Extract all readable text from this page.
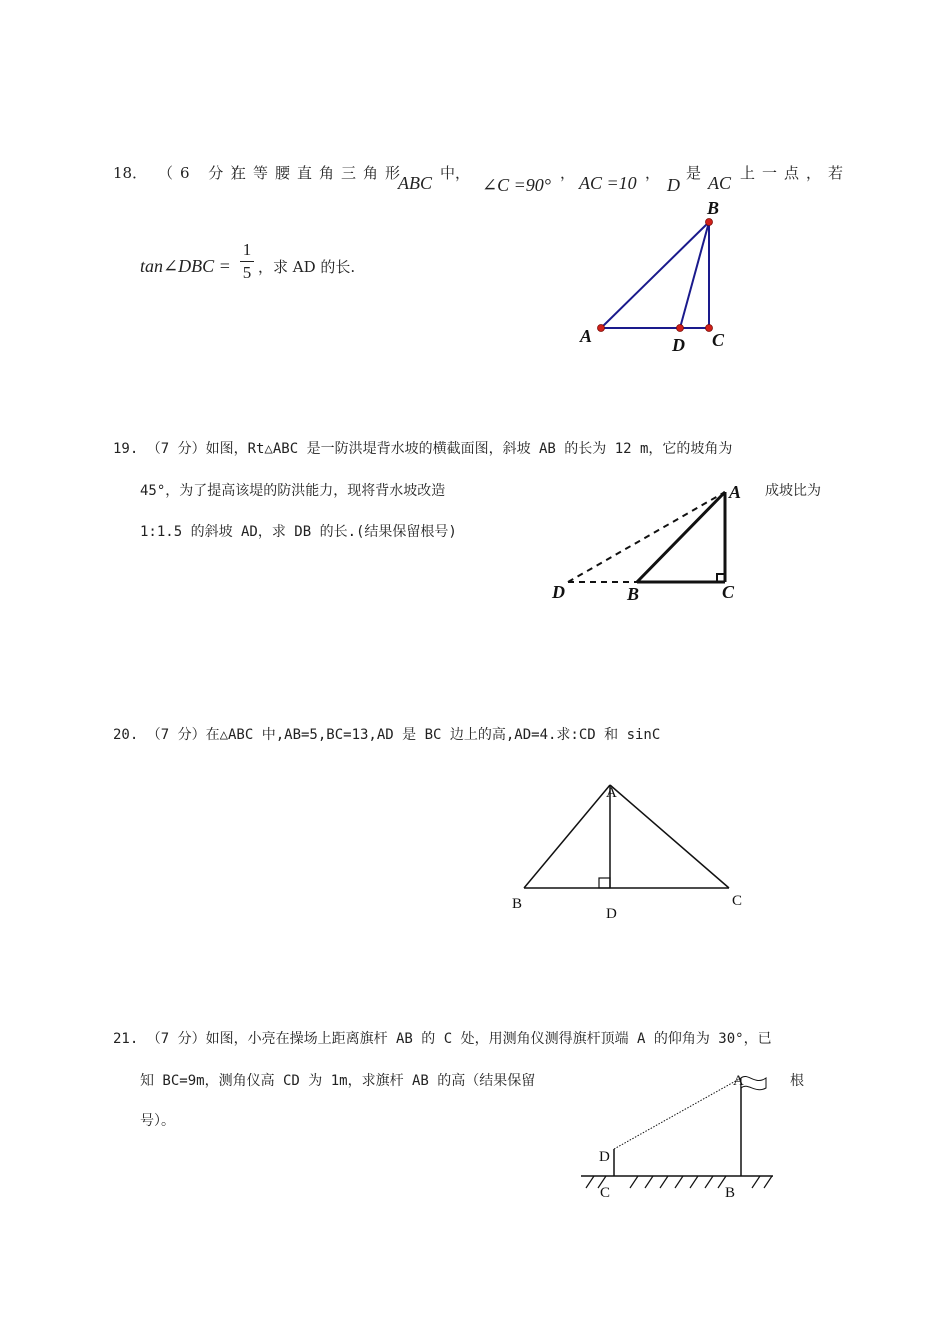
18． （6 分）
在等腰直角三角形
ABC 中，
∠C =90°
， AC =10 ，
D
是 AC 上一点，若
tan∠DBC =
1
5 ，求 AD 的长.
B
A	D C
19. （7 分）如图，Rt△ABC 是一防洪堤背水坡的横截面图，斜坡 AB 的长为 12 m，它的坡角为
45°，为了提高该堤的防洪能力，现将背水坡改造	成坡比为
1:1.5 的斜坡 AD，求 DB 的长.(结果保留根号)
A
D	B	C
20. （7 分）在△ABC 中,AB=5,BC=13,AD 是 BC 边上的高,AD=4.求:CD 和 sinC
A
B
D
C
21. （7 分）如图，小亮在操场上距离旗杆 AB 的 C 处，用测角仪测得旗杆顶端 A 的仰角为 30°，已
知 BC=9m，测角仪高 CD 为 1m，求旗杆 AB 的高（结果保留	根
号）。
A
D
C	B
